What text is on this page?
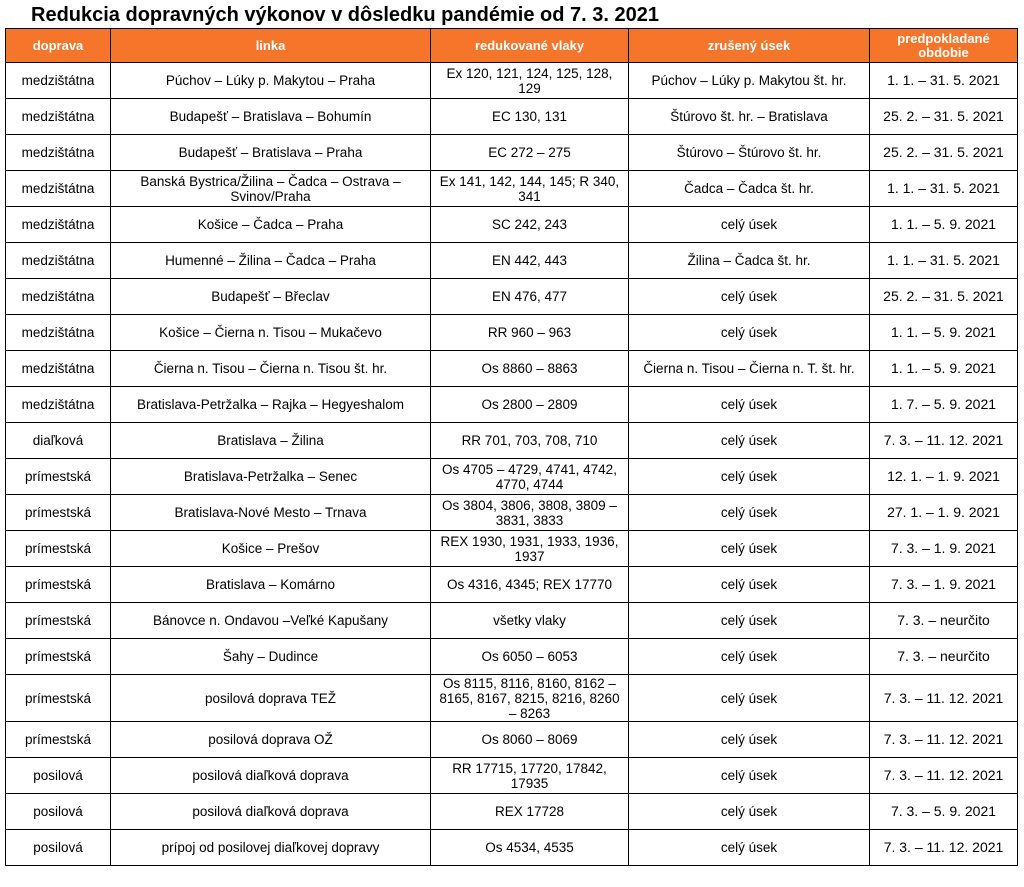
Redukcia dopravných výkonov v dôsledku pandémie od 7. 3. 2021
doprava	linka	redukované vlaky	zrušený úsek	predpokladané obdobie
medzištátna	Púchov – Lúky p. Makytou – Praha	Ex 120, 121, 124, 125, 128, 129	Púchov – Lúky p. Makytou št. hr.	1. 1. – 31. 5. 2021
medzištátna	Budapešť – Bratislava – Bohumín	EC 130, 131	Štúrovo št. hr. – Bratislava	25. 2. – 31. 5. 2021
medzištátna	Budapešť – Bratislava – Praha	EC 272 – 275	Štúrovo – Štúrovo št. hr.	25. 2. – 31. 5. 2021
medzištátna	Banská Bystrica/Žilina – Čadca – Ostrava – Svinov/Praha	Ex 141, 142, 144, 145; R 340, 341	Čadca – Čadca št. hr.	1. 1. – 31. 5. 2021
medzištátna	Košice – Čadca – Praha	SC 242, 243	celý úsek	1. 1. – 5. 9. 2021
medzištátna	Humenné – Žilina – Čadca – Praha	EN 442, 443	Žilina – Čadca št. hr.	1. 1. – 31. 5. 2021
medzištátna	Budapešť – Břeclav	EN 476, 477	celý úsek	25. 2. – 31. 5. 2021
medzištátna	Košice – Čierna n. Tisou – Mukačevo	RR 960 – 963	celý úsek	1. 1. – 5. 9. 2021
medzištátna	Čierna n. Tisou – Čierna n. Tisou št. hr.	Os 8860 – 8863	Čierna n. Tisou – Čierna n. T. št. hr.	1. 1. – 5. 9. 2021
medzištátna	Bratislava-Petržalka – Rajka – Hegyeshalom	Os 2800 – 2809	celý úsek	1. 7. – 5. 9. 2021
diaľková	Bratislava – Žilina	RR 701, 703, 708, 710	celý úsek	7. 3. – 11. 12. 2021
prímestská	Bratislava-Petržalka – Senec	Os 4705 – 4729, 4741, 4742, 4770, 4744	celý úsek	12. 1. – 1. 9. 2021
prímestská	Bratislava-Nové Mesto – Trnava	Os 3804, 3806, 3808, 3809 – 3831, 3833	celý úsek	27. 1. – 1. 9. 2021
prímestská	Košice – Prešov	REX 1930, 1931, 1933, 1936, 1937	celý úsek	7. 3. – 1. 9. 2021
prímestská	Bratislava – Komárno	Os 4316, 4345; REX 17770	celý úsek	7. 3. – 1. 9. 2021
prímestská	Bánovce n. Ondavou –Veľké Kapušany	všetky vlaky	celý úsek	7. 3. – neurčito
prímestská	Šahy – Dudince	Os 6050 – 6053	celý úsek	7. 3. – neurčito
prímestská	posilová doprava TEŽ	Os 8115, 8116, 8160, 8162 – 8165, 8167, 8215, 8216, 8260 – 8263	celý úsek	7. 3. – 11. 12. 2021
prímestská	posilová doprava OŽ	Os 8060 – 8069	celý úsek	7. 3. – 11. 12. 2021
posilová	posilová diaľková doprava	RR 17715, 17720, 17842, 17935	celý úsek	7. 3. – 11. 12. 2021
posilová	posilová diaľková doprava	REX 17728	celý úsek	7. 3. – 5. 9. 2021
posilová	prípoj od posilovej diaľkovej dopravy	Os 4534, 4535	celý úsek	7. 3. – 11. 12. 2021
